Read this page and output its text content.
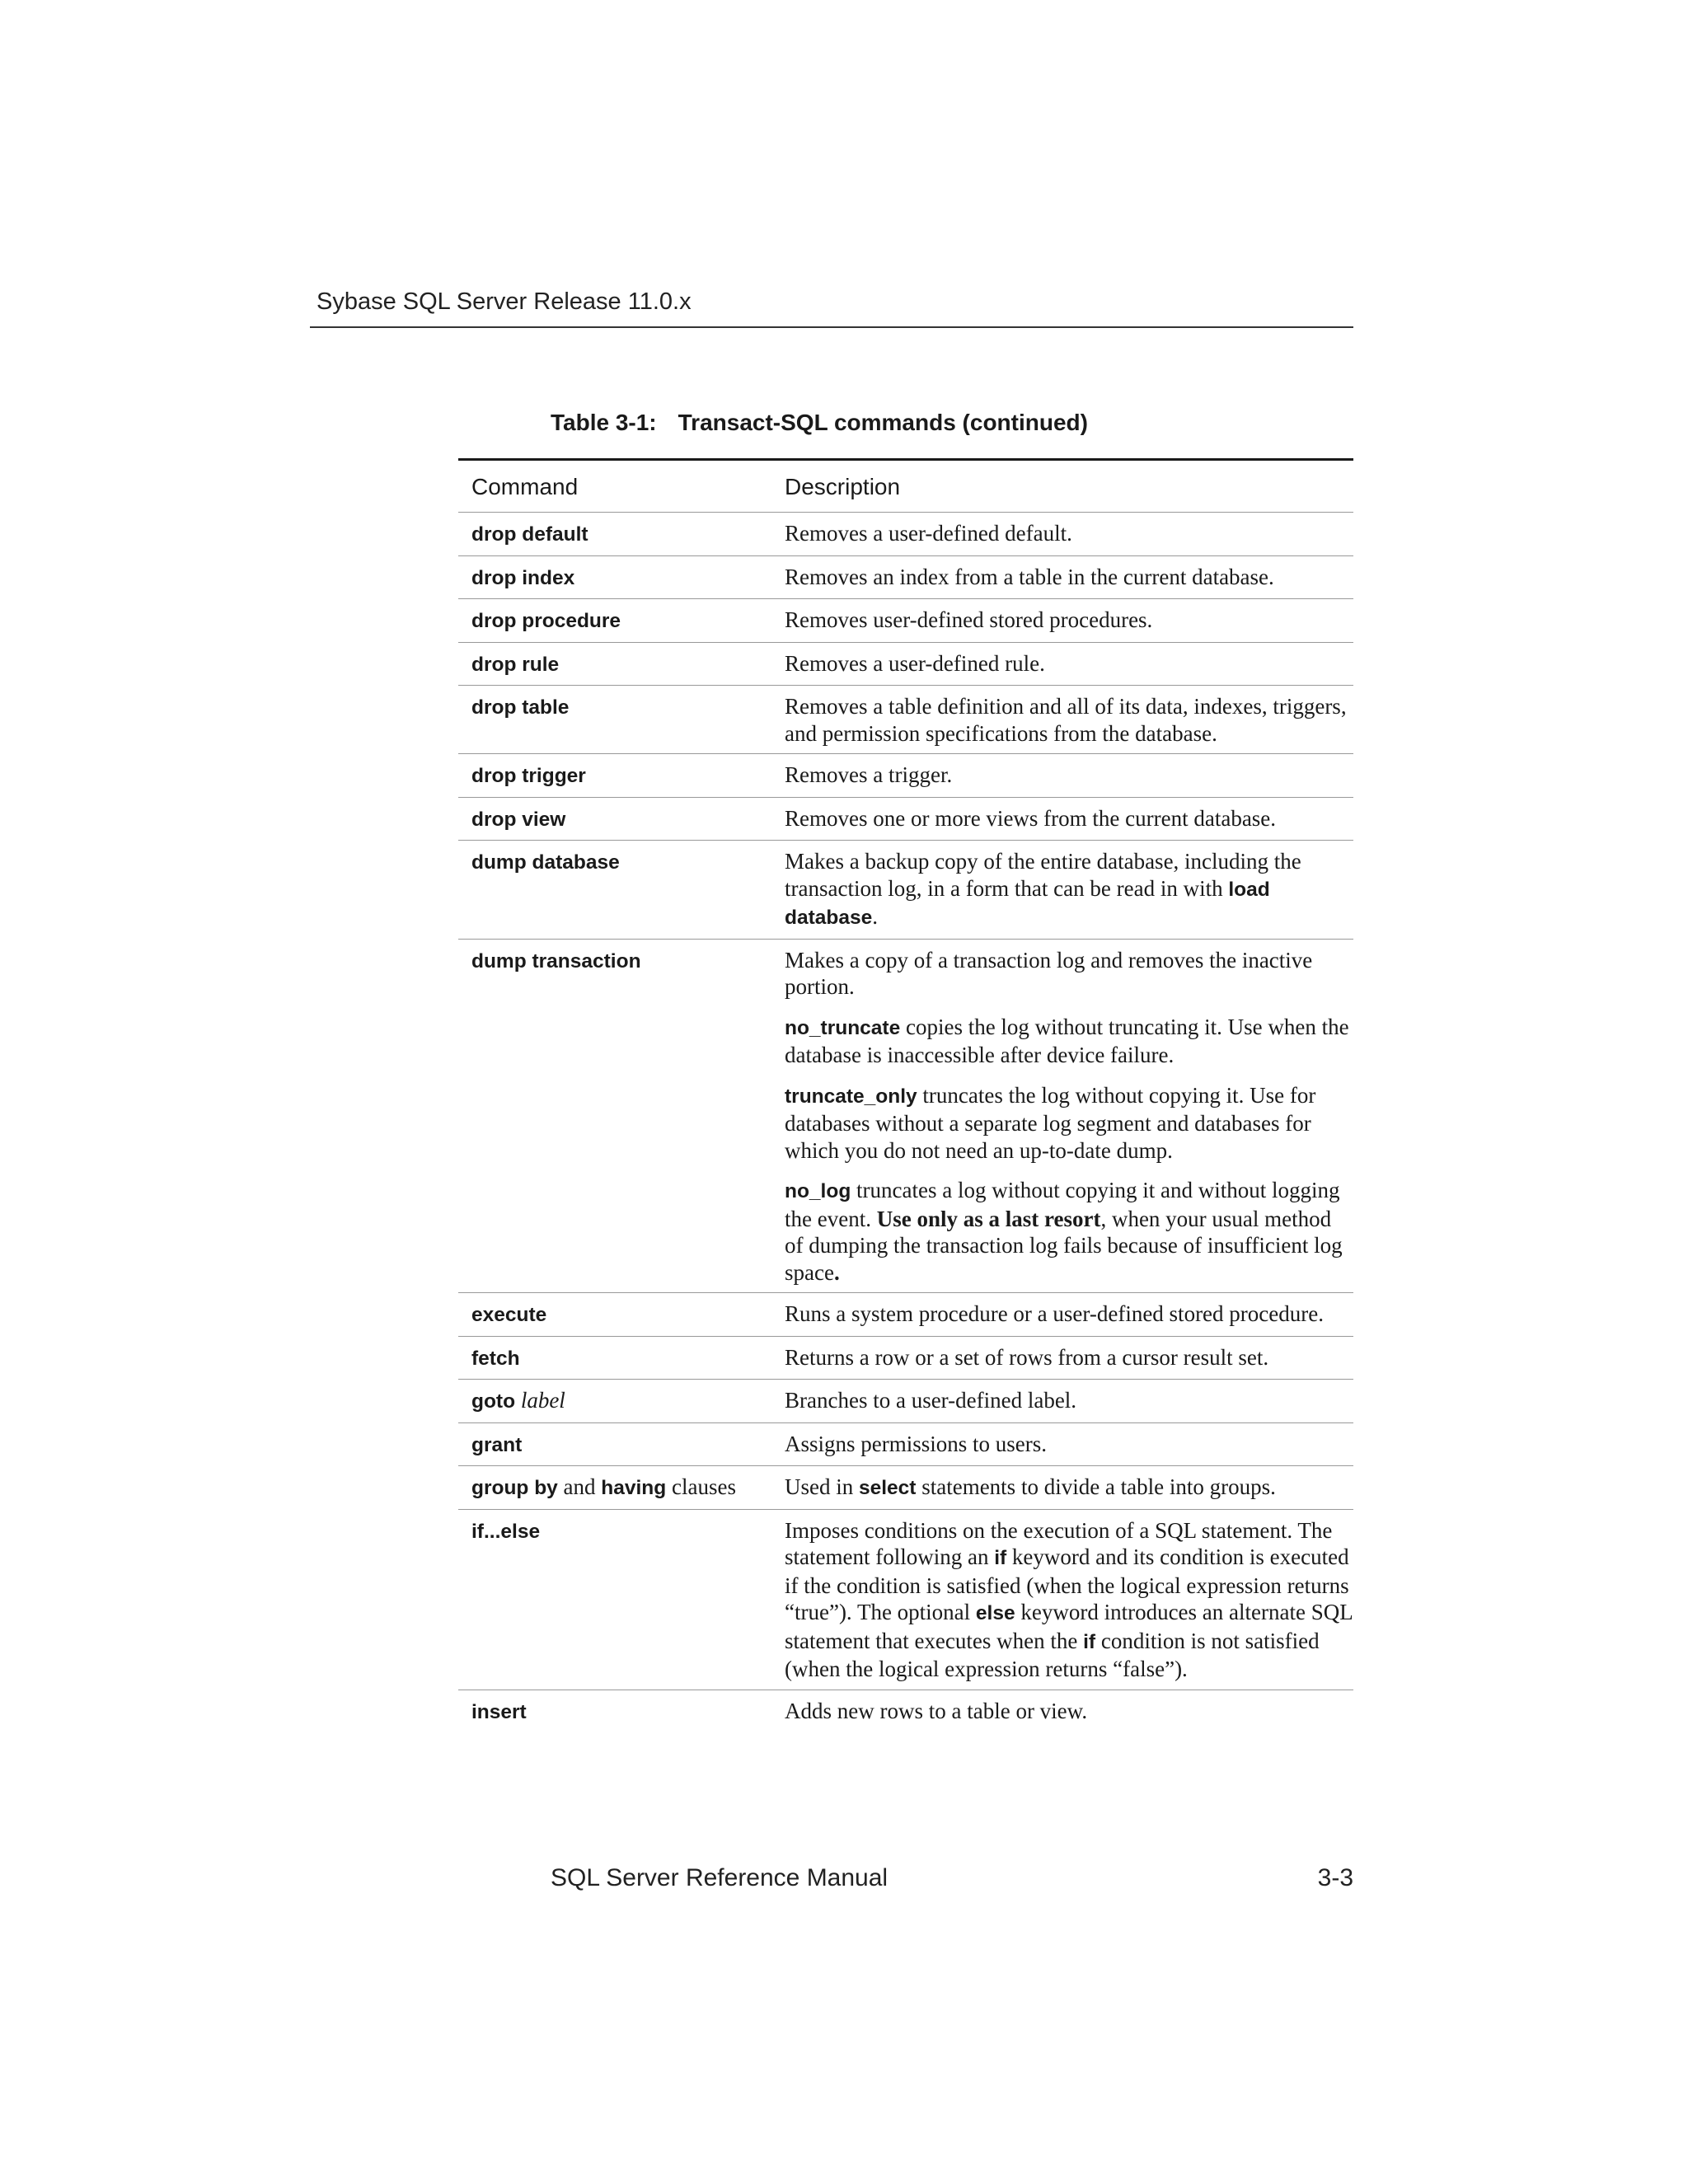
Sybase SQL Server Release 11.0.x
Table 3-1: Transact-SQL commands (continued)
Command	Description
drop default	Removes a user-defined default.

drop index	Removes an index from a table in the current database.

drop procedure	Removes user-defined stored procedures.

drop rule	Removes a user-defined rule.

drop table	Removes a table definition and all of its data, indexes, triggers, and permission specifications from the database.

drop trigger	Removes a trigger.

drop view	Removes one or more views from the current database.

dump database	Makes a backup copy of the entire database, including the transaction log, in a form that can be read in with load database.

dump transaction	Makes a copy of a transaction log and removes the inactive portion.

no_truncate copies the log without truncating it. Use when the database is inaccessible after device failure.

truncate_only truncates the log without copying it. Use for databases without a separate log segment and databases for which you do not need an up-to-date dump.

no_log truncates a log without copying it and without logging the event. Use only as a last resort, when your usual method of dumping the transaction log fails because of insufficient log space.

execute	Runs a system procedure or a user-defined stored procedure.

fetch	Returns a row or a set of rows from a cursor result set.

goto label	Branches to a user-defined label.

grant	Assigns permissions to users.

group by and having clauses	Used in select statements to divide a table into groups.

if...else	Imposes conditions on the execution of a SQL statement. The statement following an if keyword and its condition is executed if the condition is satisfied (when the logical expression returns “true”). The optional else keyword introduces an alternate SQL statement that executes when the if condition is not satisfied (when the logical expression returns “false”).

insert	Adds new rows to a table or view.

SQL Server Reference Manual	3-3
